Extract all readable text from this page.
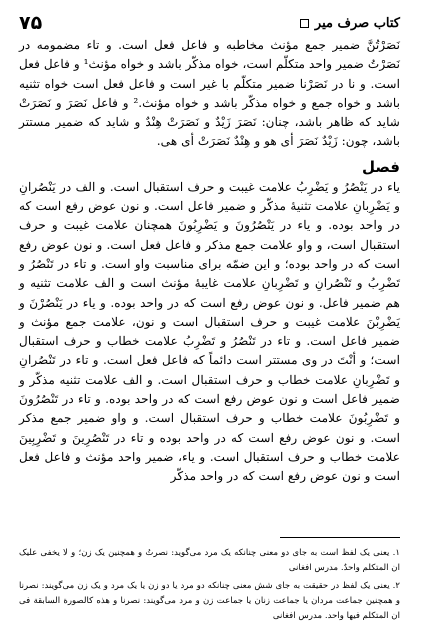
کتاب صرف میر
۷۵

نَصَرْتُنَّ ضمیر جمع مؤنث مخاطبه و فاعل فعل است. و تاء مضمومه در نَصَرْتُ ضمیر واحد متکلّم است، خواه مذکّر باشد و خواه مؤنث¹ و فاعل فعل است. و نا در نَصَرْنا ضمیر متکلّم با غیر است و فاعل فعل است خواه تثنیه باشد و خواه جمع و خواه مذکّر باشد و خواه مؤنث.² و فاعل نَصَرَ و نَصَرَتْ شاید که ظاهر باشد، چنان: نَصَرَ زَیْدٌ و نَصَرَتْ هِنْدٌ و شاید که ضمیر مستتر باشد، چون: زَیْدٌ نَصَرَ أی هو و هِنْدٌ نَصَرَتْ أی هی.

فصل

یاء در یَنْصُرُ و یَضْرِبُ علامت غیبت و حرف استقبال است. و الف در یَنْصُرانِ و یَضْرِبانِ علامت تثنیهٔ مذکّر و ضمیر فاعل است. و نون عوض رفع است که در واحد بوده. و یاء در یَنْصُرُونَ و یَضْرِبُونَ همچنان علامت غیبت و حرف استقبال است، و واو علامت جمع مذکر و فاعل فعل است. و نون عوض رفع است که در واحد بوده؛ و این ضمّه برای مناسبت واو است. و تاء در تَنْصُرُ و تَضْرِبُ و تَنْصُرانِ و تَضْرِبانِ علامت غایبهٔ مؤنث است و الف علامت تثنیه و هم ضمیر فاعل. و نون عوض رفع است که در واحد بوده. و یاء در یَنْصُرْنَ و یَضْرِبْنَ علامت غیبت و حرف استقبال است و نون، علامت جمع مؤنث و ضمیر فاعل است. و تاء در تَنْصُرُ و تَضْرِبُ علامت خطاب و حرف استقبال است؛ و أنْتَ در وی مستتر است دائماً که فاعل فعل است. و تاء در تَنْصُرانِ و تَضْرِبانِ علامت خطاب و حرف استقبال است. و الف علامت تثنیه مذکّر و ضمیر فاعل است و نون عوض رفع است که در واحد بوده. و تاء در تَنْصُرُونَ و تَضْرِبُونَ علامت خطاب و حرف استقبال است. و واو ضمیر جمع مذکر است. و نون عوض رفع است که در واحد بوده و تاء در تَنْصُرِینَ و تَضْرِبِینَ علامت خطاب و حرف استقبال است. و یاء، ضمیر واحد مؤنث و فاعل فعل است و نون عوض رفع است که در واحد مذکّر

۱. یعنی یک لفظ است به جای دو معنی چنانکه یک مرد می‌گوید: نصرتُ و همچنین یک زن؛ و لا یخفی علیک ان المتکلم واحدٌ. مدرس افغانی

۲. یعنی یک لفظ در حقیقت به جای شش معنی چنانکه دو مرد یا دو زن یا یک مرد و یک زن می‌گویند: نصرنا و همچنین جماعت مردان یا جماعت زنان یا جماعت زن و مرد می‌گویند: نصرنا و هذه کالصورة السابقة فی ان المتکلم فیها واحد. مدرس افغانی
